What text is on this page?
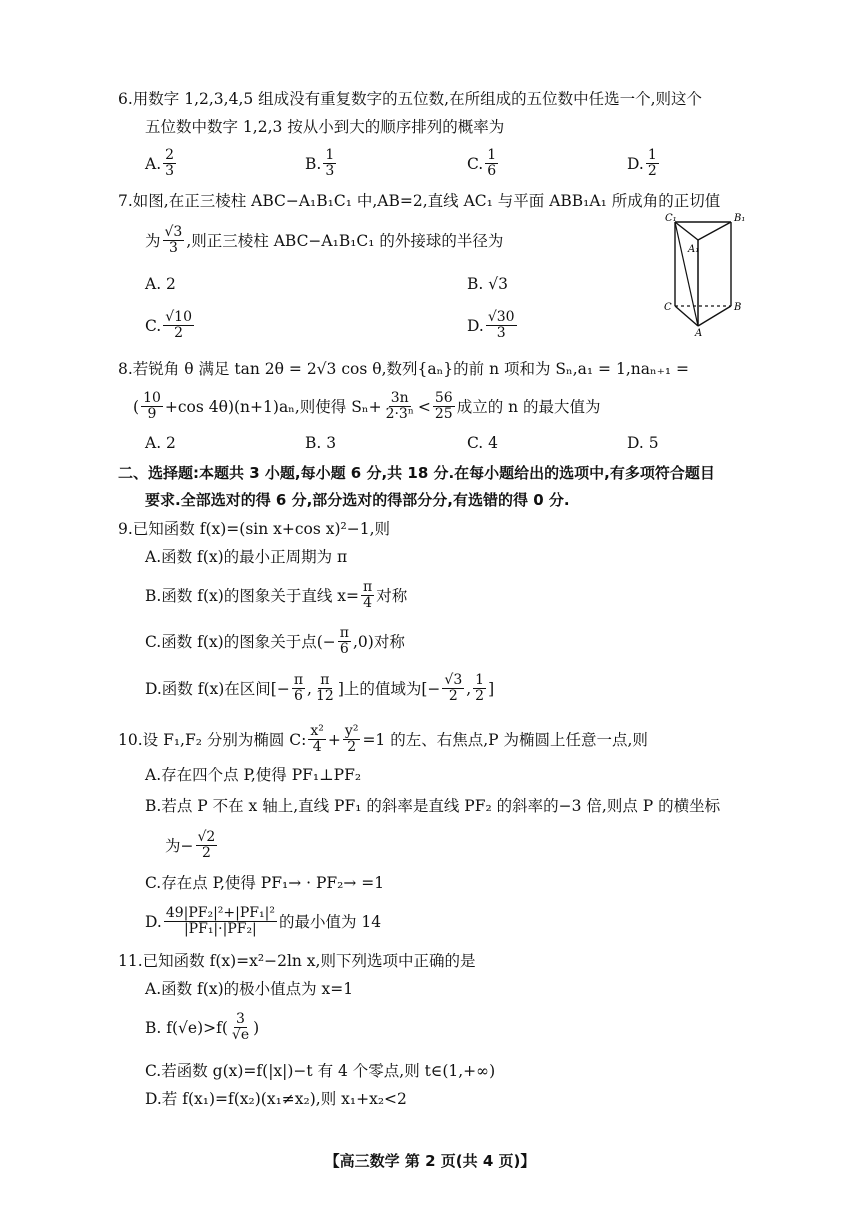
6.用数字 1,2,3,4,5 组成没有重复数字的五位数,在所组成的五位数中任选一个,则这个
五位数中数字 1,2,3 按从小到大的顺序排列的概率为
A. $\frac{2}{3}$	B. $\frac{1}{3}$	C. $\frac{1}{6}$	D. $\frac{1}{2}$
7.如图,在正三棱柱 ABC−A₁B₁C₁ 中,AB=2,直线 AC₁ 与平面 ABB₁A₁ 所成角的正切值
为 $\frac{√3}{3}$ ,则正三棱柱 ABC−A₁B₁C₁ 的外接球的半径为
A. 2	B. √3
C. $\frac{√10}{2}$	D. $\frac{√30}{3}$
C₁	B₁
A₁
C	B
A
8.若锐角 θ 满足 tan 2θ = 2√3 cos θ,数列{aₙ}的前 n 项和为 Sₙ,a₁ = 1,naₙ₊₁ =
( $\frac{10}{9} +\cos$ 4θ)(n+1)aₙ,则使得 $S_n+ \frac{3n}{\text{2·3ⁿ}} < \frac{56}{25}$ 成立的 n 的最大值为
A. 2	B. 3	C. 4	D. 5
二、选择题:本题共 3 小题,每小题 6 分,共 18 分.在每小题给出的选项中,有多项符合题目
要求.全部选对的得 6 分,部分选对的得部分分,有选错的得 0 分.
9.已知函数 f(x)=(sin x+cos x)²−1,则
A.函数 f(x)的最小正周期为 π
B.函数 f(x)的图象关于直线 $x= \frac{\pi}{4}$ 对称
C.函数 f(x)的图象关于点(− $\frac{\pi}{6} ,0$)对称
D.函数 f(x)在区间[− $\frac{\pi}{6}$ , $\frac{\pi}{12}$ ]上的值域为[− $\frac{√3}{2}$ , $\frac{1}{2}$ ]
10.设 F₁,F₂ 分别为椭圆 C: $\frac{\text{x²}}{4} + \frac{\text{y²}}{2} =1$ 的左、右焦点,P 为椭圆上任意一点,则
A.存在四个点 P,使得 PF₁⊥PF₂
B.若点 P 不在 x 轴上,直线 PF₁ 的斜率是直线 PF₂ 的斜率的−3 倍,则点 P 的横坐标
为− $\frac{√2}{2}$
C.存在点 P,使得 PF₁→ · PF₂→ =1
D. $\frac{\text{49|PF₂|²+|PF₁|²}}{\text{|PF₁|·|PF₂|}}$ 的最小值为 14
11.已知函数 f(x)=x²−2ln x,则下列选项中正确的是
A.函数 f(x)的极小值点为 x=1
B. $f(√e)>f( \frac{3}{√e}$ )
C.若函数 g(x)=f(|x|)−t 有 4 个零点,则 t∈(1,+∞)
D.若 f(x₁)=f(x₂)(x₁≠x₂),则 x₁+x₂<2
【高三数学 第 2 页(共 4 页)】
